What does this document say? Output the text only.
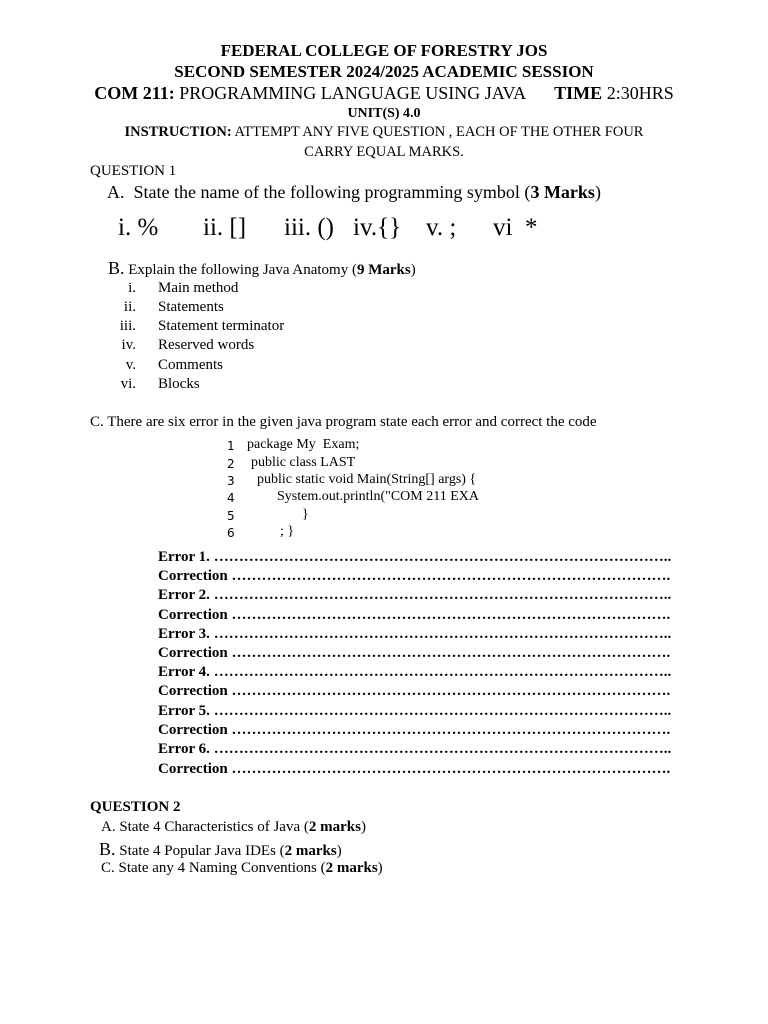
FEDERAL COLLEGE OF FORESTRY JOS
SECOND SEMESTER 2024/2025 ACADEMIC SESSION
COM 211: PROGRAMMING LANGUAGE USING JAVA TIME 2:30HRS
UNIT(S) 4.0
INSTRUCTION: ATTEMPT ANY FIVE QUESTION , EACH OF THE OTHER FOUR
CARRY EQUAL MARKS.
QUESTION 1
A. State the name of the following programming symbol (3 Marks)
i. % ii. [] iii. () iv.{} v. ; vi  *
B. Explain the following Java Anatomy (9 Marks)
i. Main method
ii. Statements
iii. Statement terminator
iv. Reserved words
v. Comments
vi. Blocks
C. There are six error in the given java program state each error and correct the code
1 package My  Exam;
2 public class LAST
3 public static void Main(String[] args) {
4	System.out.println("COM 211 EXA
5	}
6	; }
Error 1. ………………………………………………………………………………..
Correction …………………………………………………………………………….
Error 2. ………………………………………………………………………………..
Correction …………………………………………………………………………….
Error 3. ………………………………………………………………………………..
Correction …………………………………………………………………………….
Error 4. ………………………………………………………………………………..
Correction …………………………………………………………………………….
Error 5. ………………………………………………………………………………..
Correction …………………………………………………………………………….
Error 6. ………………………………………………………………………………..
Correction …………………………………………………………………………….
QUESTION 2
A. State 4 Characteristics of Java (2 marks)
B. State 4 Popular Java IDEs (2 marks)
C. State any 4 Naming Conventions (2 marks)
